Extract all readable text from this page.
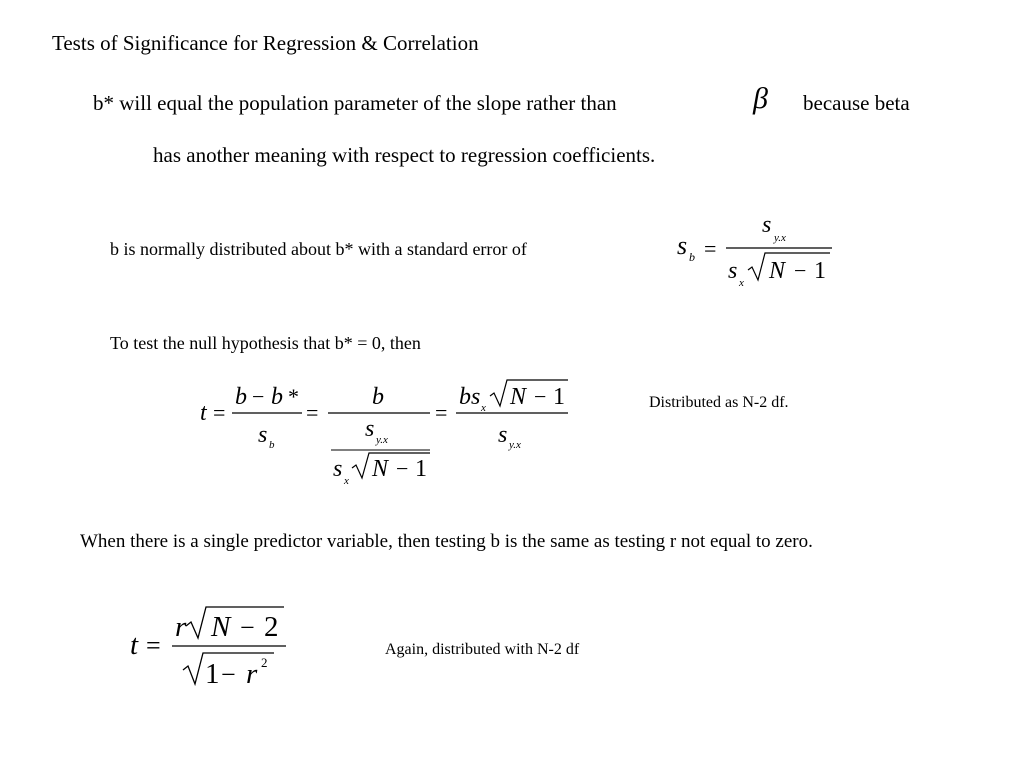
Tests of Significance for Regression & Correlation
b* will equal the population parameter of the slope rather than	because beta
has another meaning with respect to regression coefficients.
b is normally distributed about b* with a standard error of
To test the null hypothesis that b* = 0, then
Distributed as N-2 df.
When there is a single predictor variable, then testing b is the same as testing r not equal to zero.
Again, distributed with N-2 df
β
s b =
s y.x
s x N − 1
t =
b − b *
s b
=
b
s y.x
s x N − 1
=
b s x N − 1
s y.x
t =
r N − 2
1 − r 2
